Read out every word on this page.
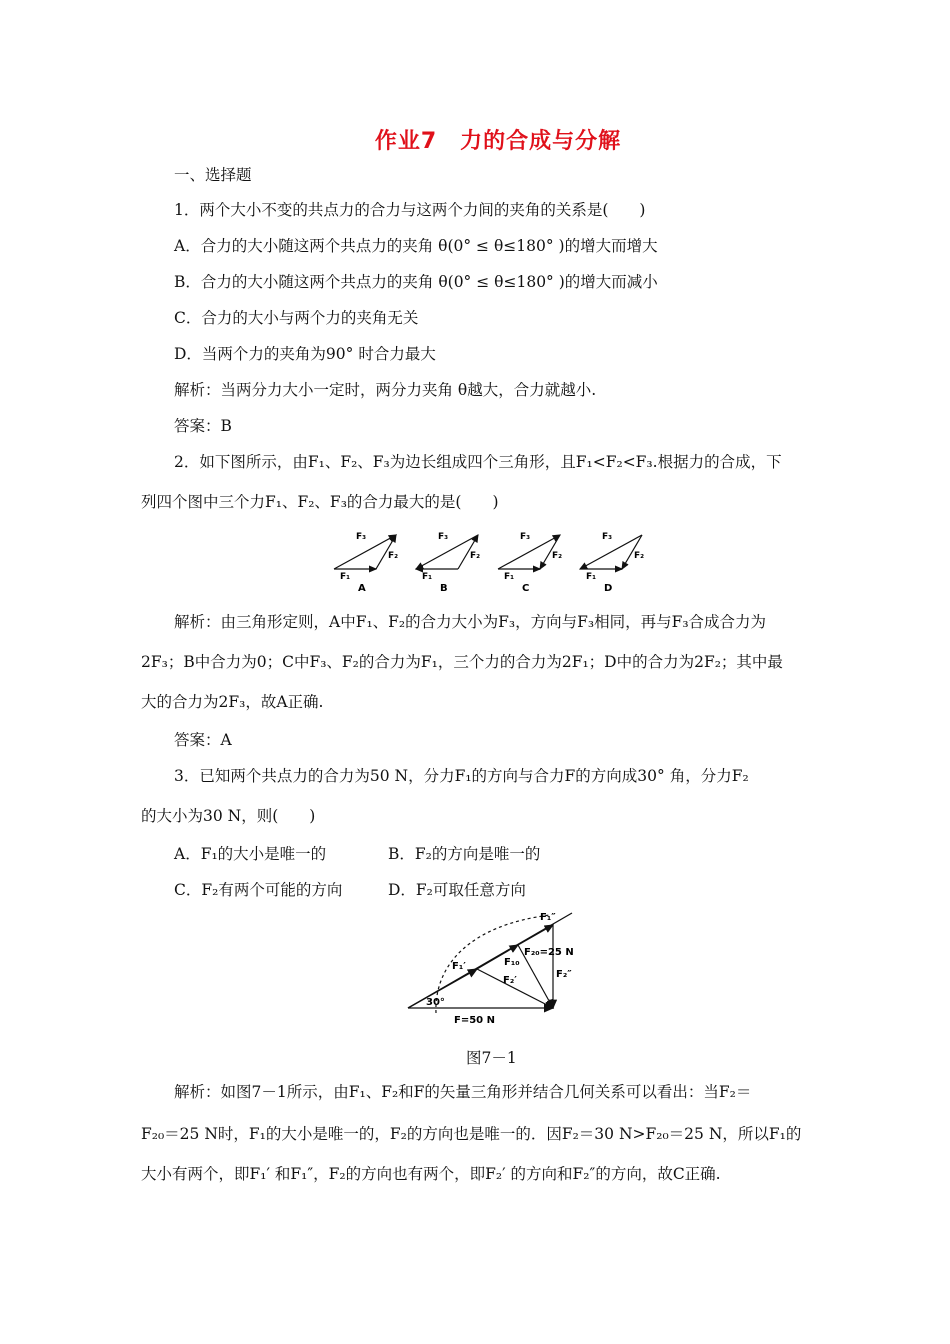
作业7　力的合成与分解
一、选择题
1．两个大小不变的共点力的合力与这两个力间的夹角的关系是(　　)
A．合力的大小随这两个共点力的夹角 θ(0° ≤ θ≤180° )的增大而增大
B．合力的大小随这两个共点力的夹角 θ(0° ≤ θ≤180° )的增大而减小
C．合力的大小与两个力的夹角无关
D．当两个力的夹角为90° 时合力最大
解析：当两分力大小一定时，两分力夹角 θ越大，合力就越小.
答案：B
2．如下图所示，由F₁、F₂、F₃为边长组成四个三角形，且F₁<F₂<F₃.根据力的合成，下
列四个图中三个力F₁、F₂、F₃的合力最大的是(　　)
F₃
F₂
F₁
A
F₃
F₂
F₁
B
F₃
F₂
F₁
C
F₃
F₂
F₁
D
解析：由三角形定则，A中F₁、F₂的合力大小为F₃，方向与F₃相同，再与F₃合成合力为
2F₃；B中合力为0；C中F₃、F₂的合力为F₁，三个力的合力为2F₁；D中的合力为2F₂；其中最
大的合力为2F₃，故A正确.
答案：A
3．已知两个共点力的合力为50 N，分力F₁的方向与合力F的方向成30° 角，分力F₂
的大小为30 N，则(　　)
A．F₁的大小是唯一的	B．F₂的方向是唯一的
C．F₂有两个可能的方向	D．F₂可取任意方向
F₁″
F₂₀=25 N
F₁′	F₁₀
F₂′
F₂″
30°
F=50 N
图7－1
解析：如图7－1所示，由F₁、F₂和F的矢量三角形并结合几何关系可以看出：当F₂＝
F₂₀＝25 N时，F₁的大小是唯一的，F₂的方向也是唯一的．因F₂＝30 N>F₂₀＝25 N，所以F₁的
大小有两个，即F₁′ 和F₁″，F₂的方向也有两个，即F₂′ 的方向和F₂″的方向，故C正确.
